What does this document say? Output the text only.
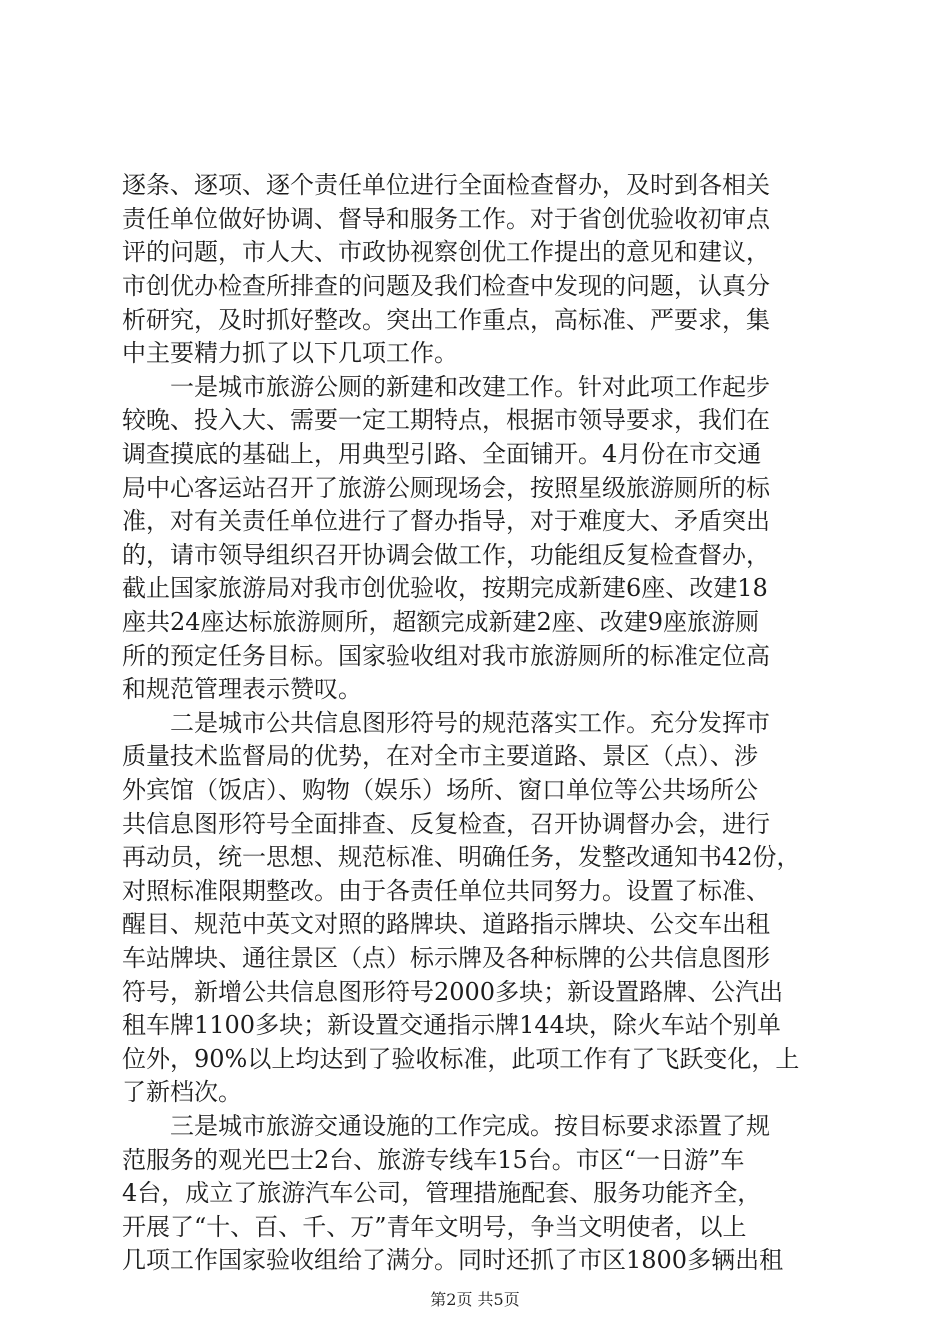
逐条、逐项、逐个责任单位进行全面检查督办，及时到各相关
责任单位做好协调、督导和服务工作。对于省创优验收初审点
评的问题，市人大、市政协视察创优工作提出的意见和建议，
市创优办检查所排查的问题及我们检查中发现的问题，认真分
析研究，及时抓好整改。突出工作重点，高标准、严要求，集
中主要精力抓了以下几项工作。
一是城市旅游公厕的新建和改建工作。针对此项工作起步
较晚、投入大、需要一定工期特点，根据市领导要求，我们在
调查摸底的基础上，用典型引路、全面铺开。4月份在市交通
局中心客运站召开了旅游公厕现场会，按照星级旅游厕所的标
准，对有关责任单位进行了督办指导，对于难度大、矛盾突出
的，请市领导组织召开协调会做工作，功能组反复检查督办，
截止国家旅游局对我市创优验收，按期完成新建6座、改建18
座共24座达标旅游厕所，超额完成新建2座、改建9座旅游厕
所的预定任务目标。国家验收组对我市旅游厕所的标准定位高
和规范管理表示赞叹。
二是城市公共信息图形符号的规范落实工作。充分发挥市
质量技术监督局的优势，在对全市主要道路、景区（点）、涉
外宾馆（饭店）、购物（娱乐）场所、窗口单位等公共场所公
共信息图形符号全面排查、反复检查，召开协调督办会，进行
再动员，统一思想、规范标准、明确任务，发整改通知书42份，
对照标准限期整改。由于各责任单位共同努力。设置了标准、
醒目、规范中英文对照的路牌块、道路指示牌块、公交车出租
车站牌块、通往景区（点）标示牌及各种标牌的公共信息图形
符号，新增公共信息图形符号2000多块；新设置路牌、公汽出
租车牌1100多块；新设置交通指示牌144块，除火车站个别单
位外，90%以上均达到了验收标准，此项工作有了飞跃变化，上
了新档次。
三是城市旅游交通设施的工作完成。按目标要求添置了规
范服务的观光巴士2台、旅游专线车15台。市区“一日游”车
4台，成立了旅游汽车公司，管理措施配套、服务功能齐全，
开展了“十、百、千、万”青年文明号，争当文明使者，以上
几项工作国家验收组给了满分。同时还抓了市区1800多辆出租
第2页 共5页
